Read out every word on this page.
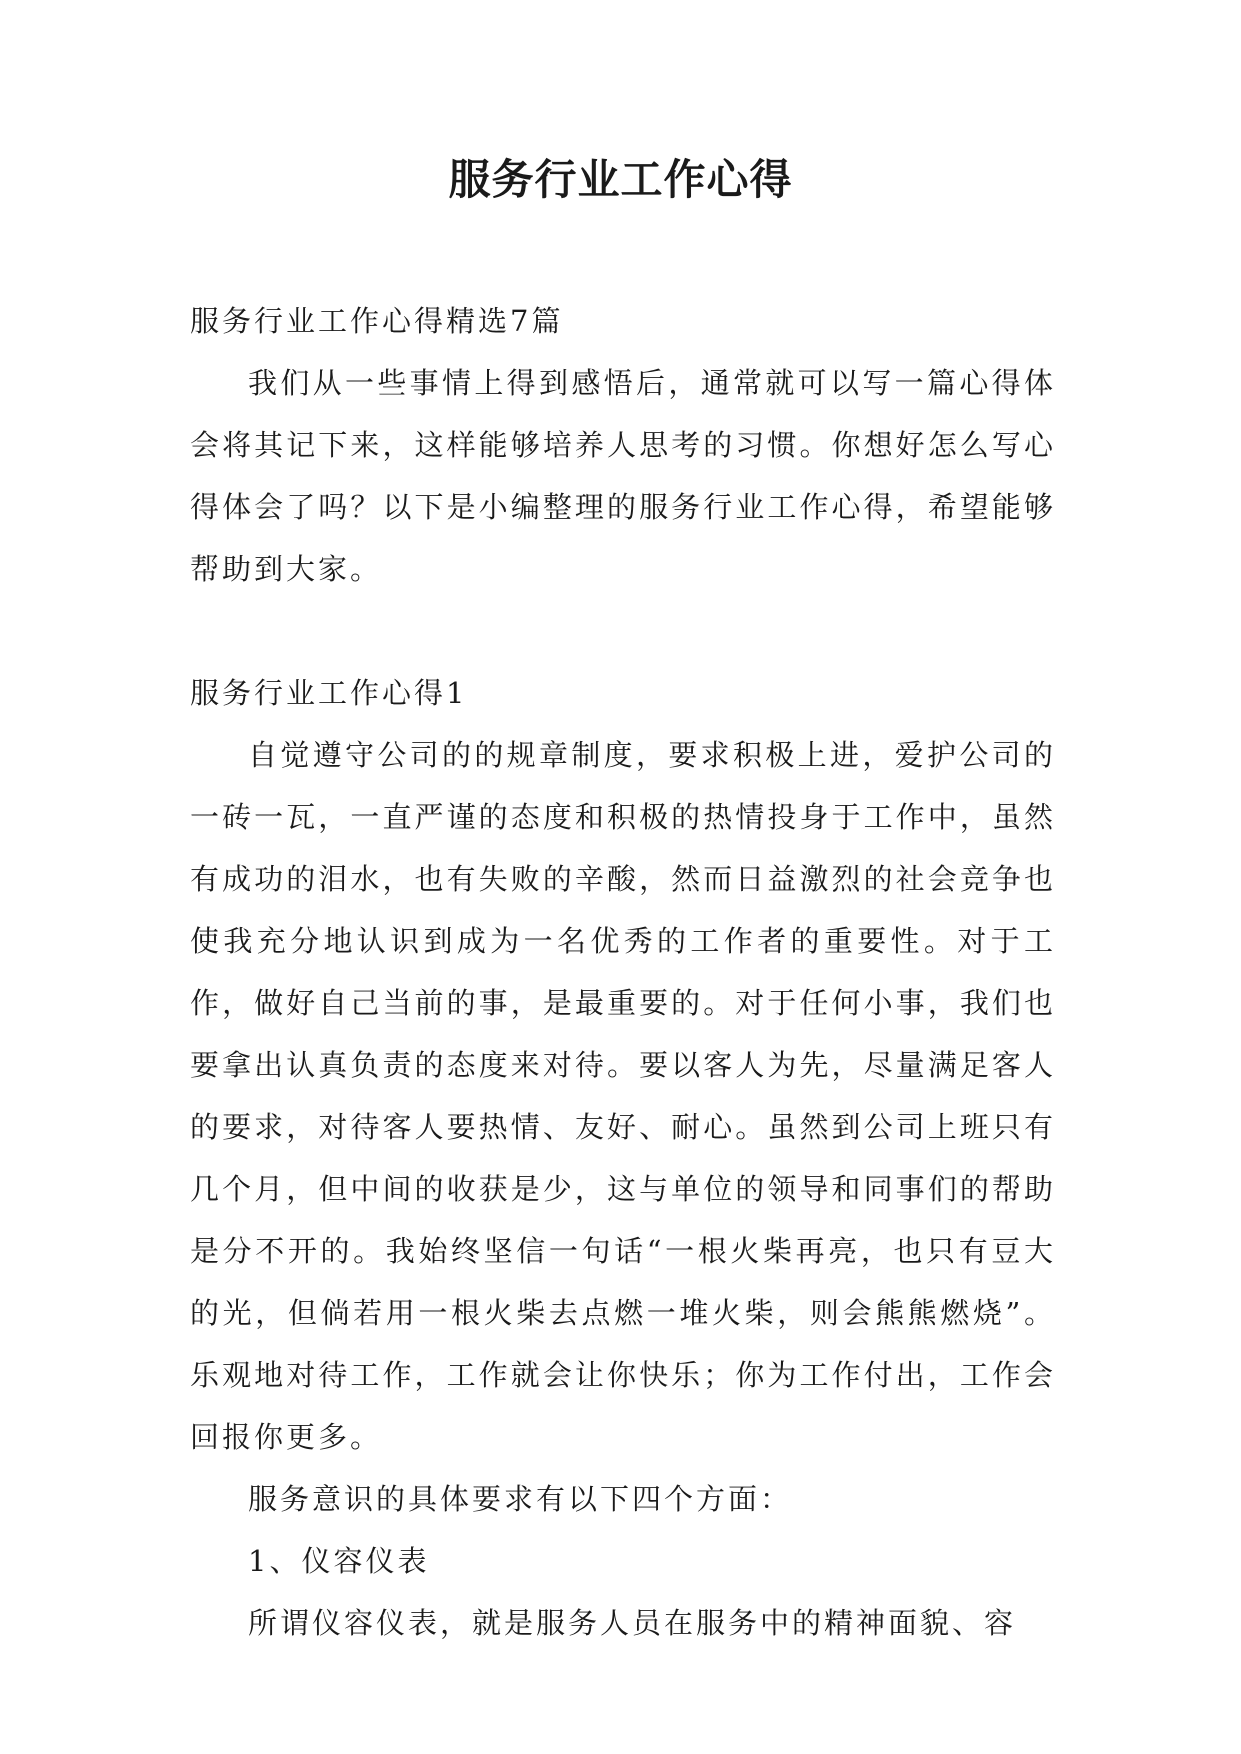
服务行业工作心得

服务行业工作心得精选7篇

我们从一些事情上得到感悟后，通常就可以写一篇心得体会将其记下来，这样能够培养人思考的习惯。你想好怎么写心得体会了吗？以下是小编整理的服务行业工作心得，希望能够帮助到大家。

服务行业工作心得1

自觉遵守公司的的规章制度，要求积极上进，爱护公司的一砖一瓦，一直严谨的态度和积极的热情投身于工作中，虽然有成功的泪水，也有失败的辛酸，然而日益激烈的社会竞争也使我充分地认识到成为一名优秀的工作者的重要性。对于工作，做好自己当前的事，是最重要的。对于任何小事，我们也要拿出认真负责的态度来对待。要以客人为先，尽量满足客人的要求，对待客人要热情、友好、耐心。虽然到公司上班只有几个月，但中间的收获是少，这与单位的领导和同事们的帮助是分不开的。我始终坚信一句话“一根火柴再亮，也只有豆大的光，但倘若用一根火柴去点燃一堆火柴，则会熊熊燃烧”。乐观地对待工作，工作就会让你快乐；你为工作付出，工作会回报你更多。

服务意识的具体要求有以下四个方面：

1、仪容仪表

所谓仪容仪表，就是服务人员在服务中的精神面貌、容
